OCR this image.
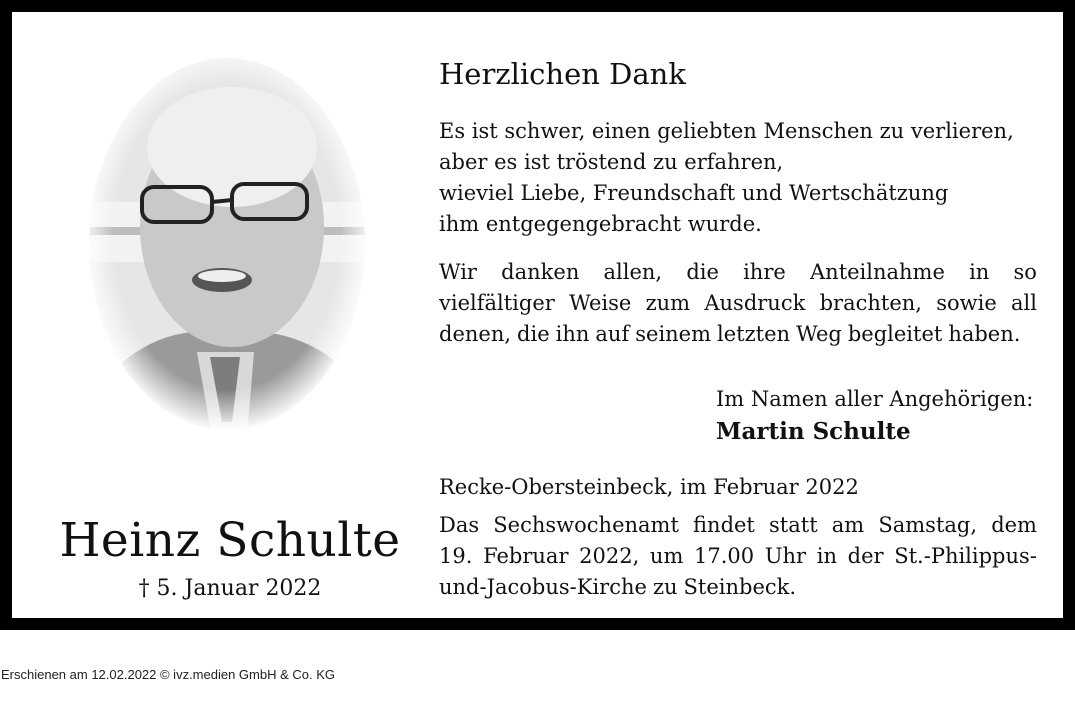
Heinz Schulte
† 5. Januar 2022
Herzlichen Dank
Es ist schwer, einen geliebten Menschen zu verlieren,
aber es ist tröstend zu erfahren,
wieviel Liebe, Freundschaft und Wertschätzung
ihm entgegengebracht wurde.
Wir danken allen, die ihre Anteilnahme in so
vielfältiger Weise zum Ausdruck brachten, sowie all
denen, die ihn auf seinem letzten Weg begleitet haben.
Im Namen aller Angehörigen:
Martin Schulte
Recke-Obersteinbeck, im Februar 2022
Das Sechswochenamt findet statt am Samstag, dem
19. Februar 2022, um 17.00 Uhr in der St.-Philippus-
und-Jacobus-Kirche zu Steinbeck.
Erschienen am 12.02.2022 © ivz.medien GmbH & Co. KG
